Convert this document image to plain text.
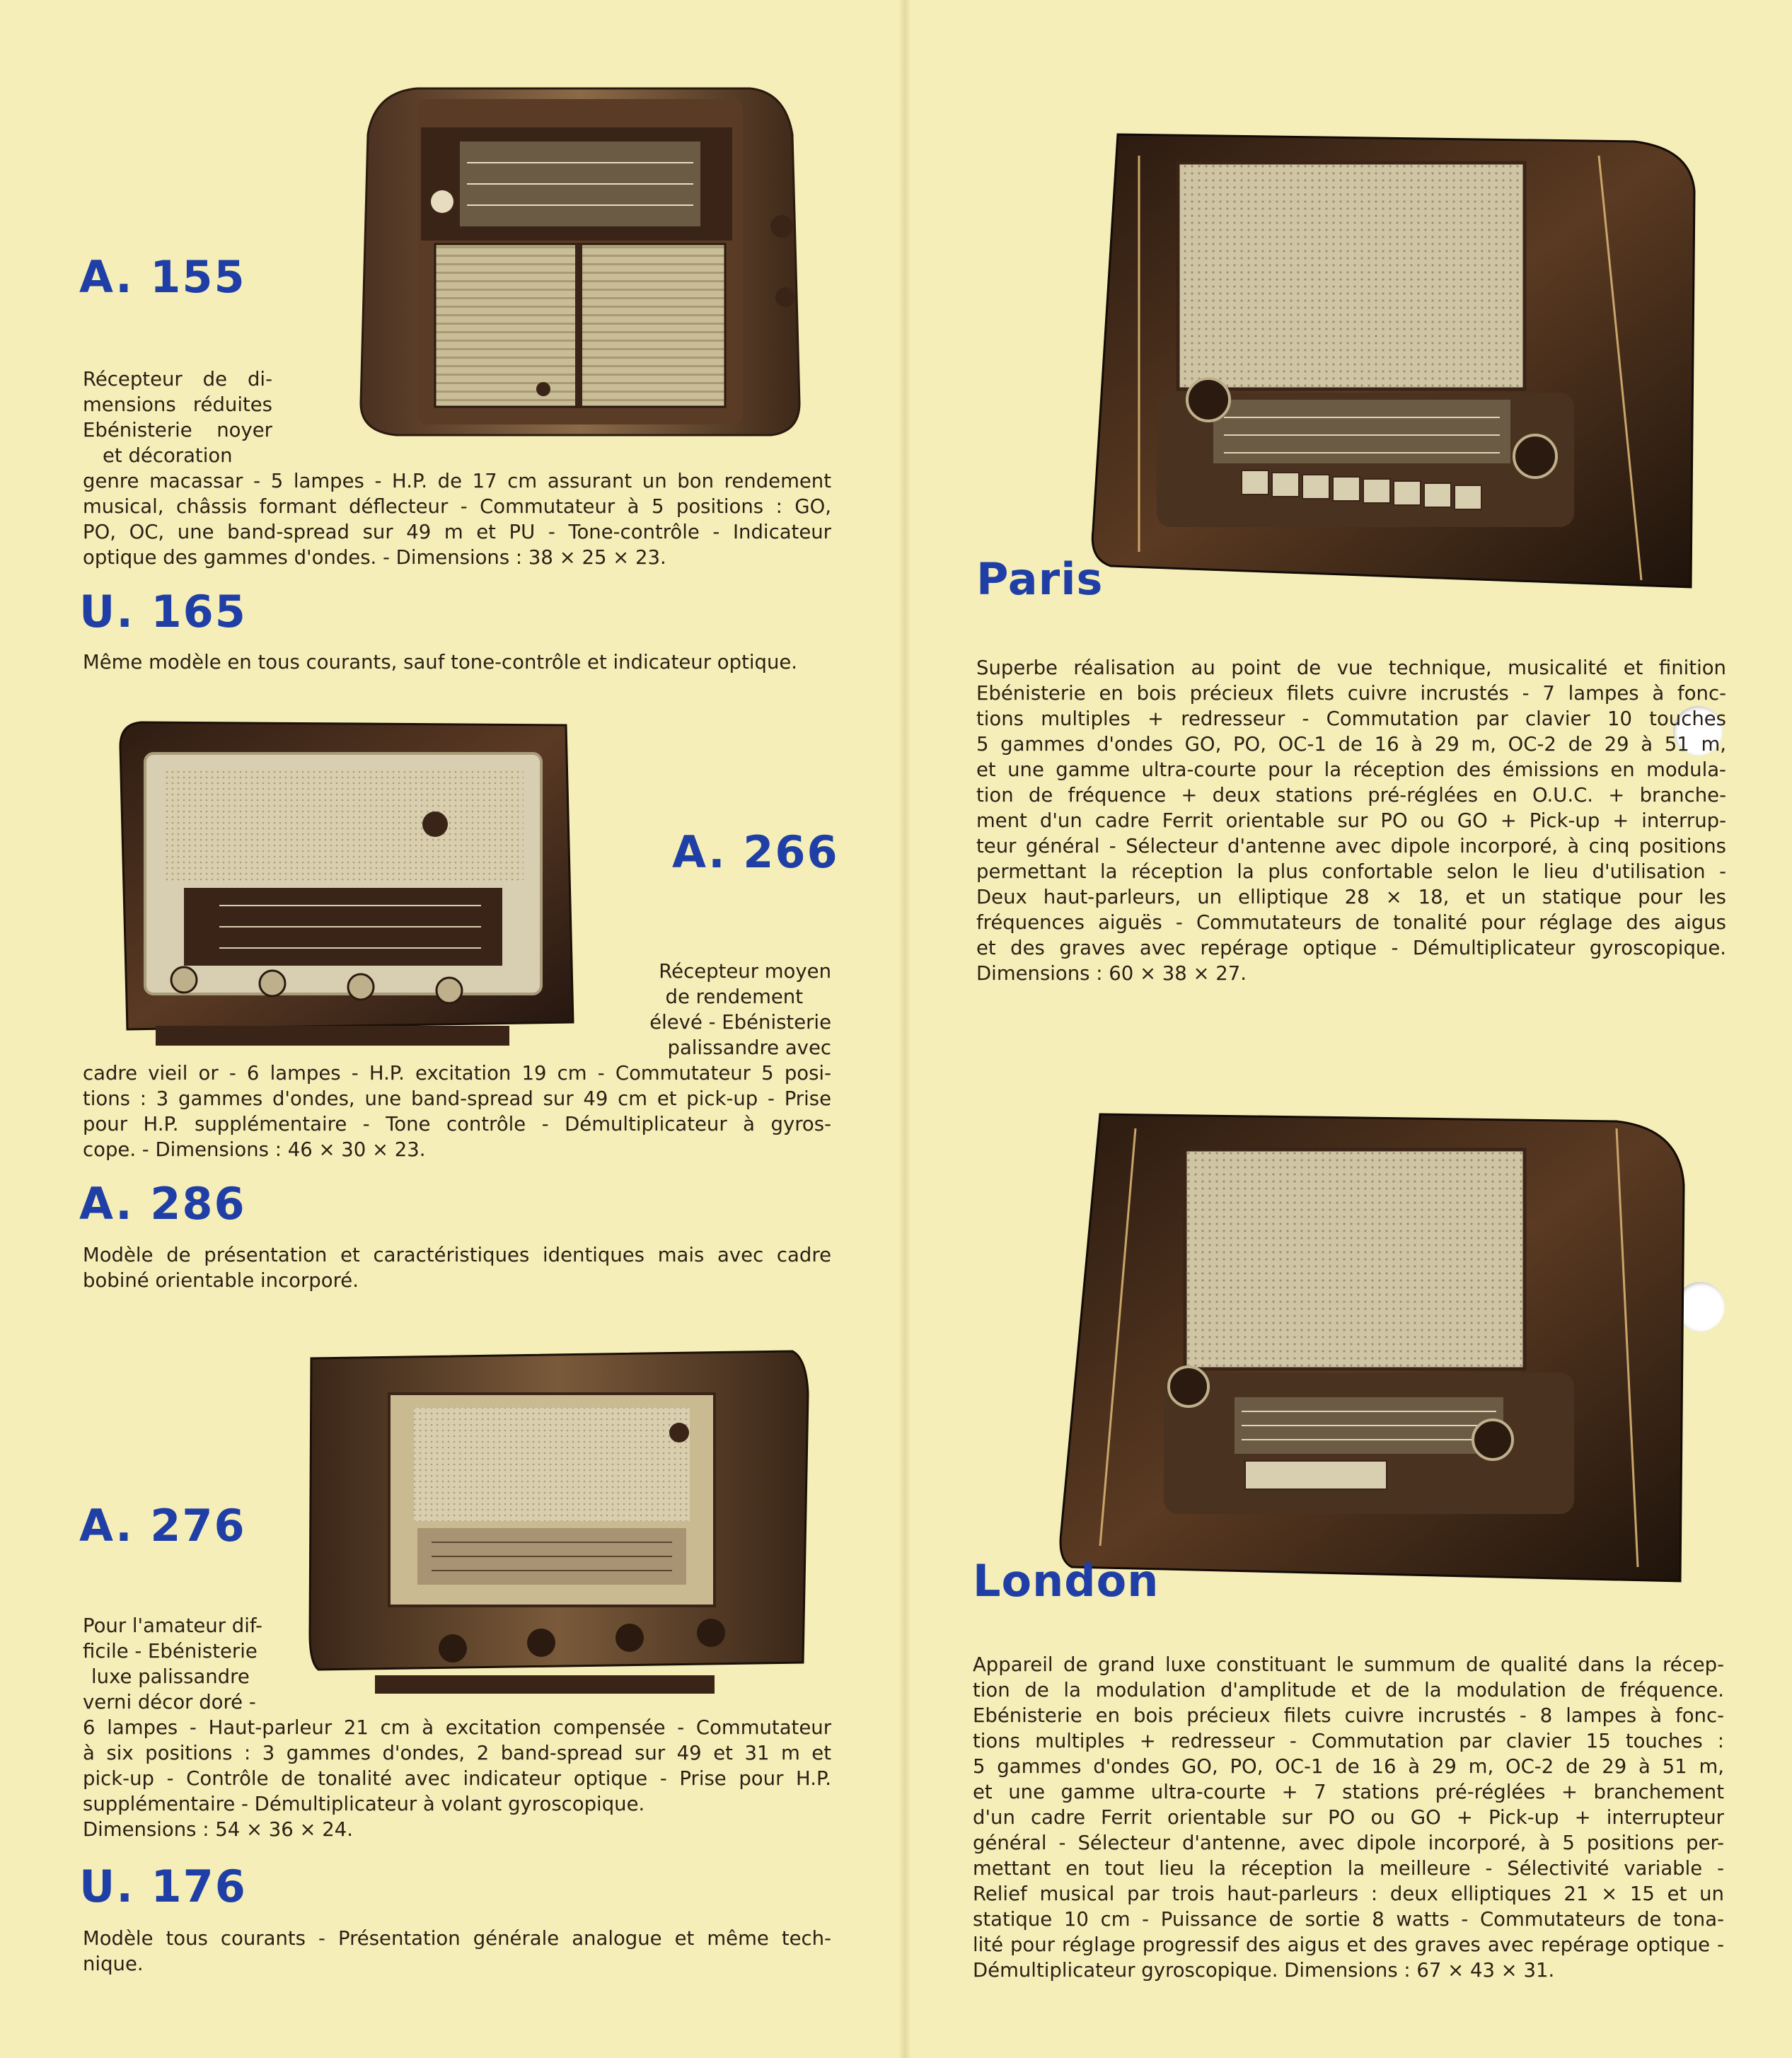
A. 155
Récepteur de di-
mensions réduites
Ebénisterie noyer
et décoration
genre macassar - 5 lampes - H.P. de 17 cm assurant un bon rendement
musical, châssis formant déflecteur - Commutateur à 5 positions : GO,
PO, OC, une band-spread sur 49 m et PU - Tone-contrôle - Indicateur
optique des gammes d'ondes. - Dimensions : 38 × 25 × 23.
U. 165
Même modèle en tous courants, sauf tone-contrôle et indicateur optique.
A. 266
Récepteur moyen
de rendement
élevé - Ebénisterie
palissandre avec
cadre vieil or - 6 lampes - H.P. excitation 19 cm - Commutateur 5 posi-
tions : 3 gammes d'ondes, une band-spread sur 49 cm et pick-up - Prise
pour H.P. supplémentaire - Tone contrôle - Démultiplicateur à gyros-
cope. - Dimensions : 46 × 30 × 23.
A. 286
Modèle de présentation et caractéristiques identiques mais avec cadre
bobiné orientable incorporé.
A. 276
Pour l'amateur dif-
ficile - Ebénisterie
luxe palissandre
verni décor doré -
6 lampes - Haut-parleur 21 cm à excitation compensée - Commutateur
à six positions : 3 gammes d'ondes, 2 band-spread sur 49 et 31 m et
pick-up - Contrôle de tonalité avec indicateur optique - Prise pour H.P.
supplémentaire - Démultiplicateur à volant gyroscopique.
Dimensions : 54 × 36 × 24.
U. 176
Modèle tous courants - Présentation générale analogue et même tech-
nique.
Paris
Superbe réalisation au point de vue technique, musicalité et finition
Ebénisterie en bois précieux filets cuivre incrustés - 7 lampes à fonc-
tions multiples + redresseur - Commutation par clavier 10 touches
5 gammes d'ondes GO, PO, OC-1 de 16 à 29 m, OC-2 de 29 à 51 m,
et une gamme ultra-courte pour la réception des émissions en modula-
tion de fréquence + deux stations pré-réglées en O.U.C. + branche-
ment d'un cadre Ferrit orientable sur PO ou GO + Pick-up + interrup-
teur général - Sélecteur d'antenne avec dipole incorporé, à cinq positions
permettant la réception la plus confortable selon le lieu d'utilisation -
Deux haut-parleurs, un elliptique 28 × 18, et un statique pour les
fréquences aiguës - Commutateurs de tonalité pour réglage des aigus
et des graves avec repérage optique - Démultiplicateur gyroscopique.
Dimensions : 60 × 38 × 27.
London
Appareil de grand luxe constituant le summum de qualité dans la récep-
tion de la modulation d'amplitude et de la modulation de fréquence.
Ebénisterie en bois précieux filets cuivre incrustés - 8 lampes à fonc-
tions multiples + redresseur - Commutation par clavier 15 touches :
5 gammes d'ondes GO, PO, OC-1 de 16 à 29 m, OC-2 de 29 à 51 m,
et une gamme ultra-courte + 7 stations pré-réglées + branchement
d'un cadre Ferrit orientable sur PO ou GO + Pick-up + interrupteur
général - Sélecteur d'antenne, avec dipole incorporé, à 5 positions per-
mettant en tout lieu la réception la meilleure - Sélectivité variable -
Relief musical par trois haut-parleurs : deux elliptiques 21 × 15 et un
statique 10 cm - Puissance de sortie 8 watts - Commutateurs de tona-
lité pour réglage progressif des aigus et des graves avec repérage optique -
Démultiplicateur gyroscopique. Dimensions : 67 × 43 × 31.
